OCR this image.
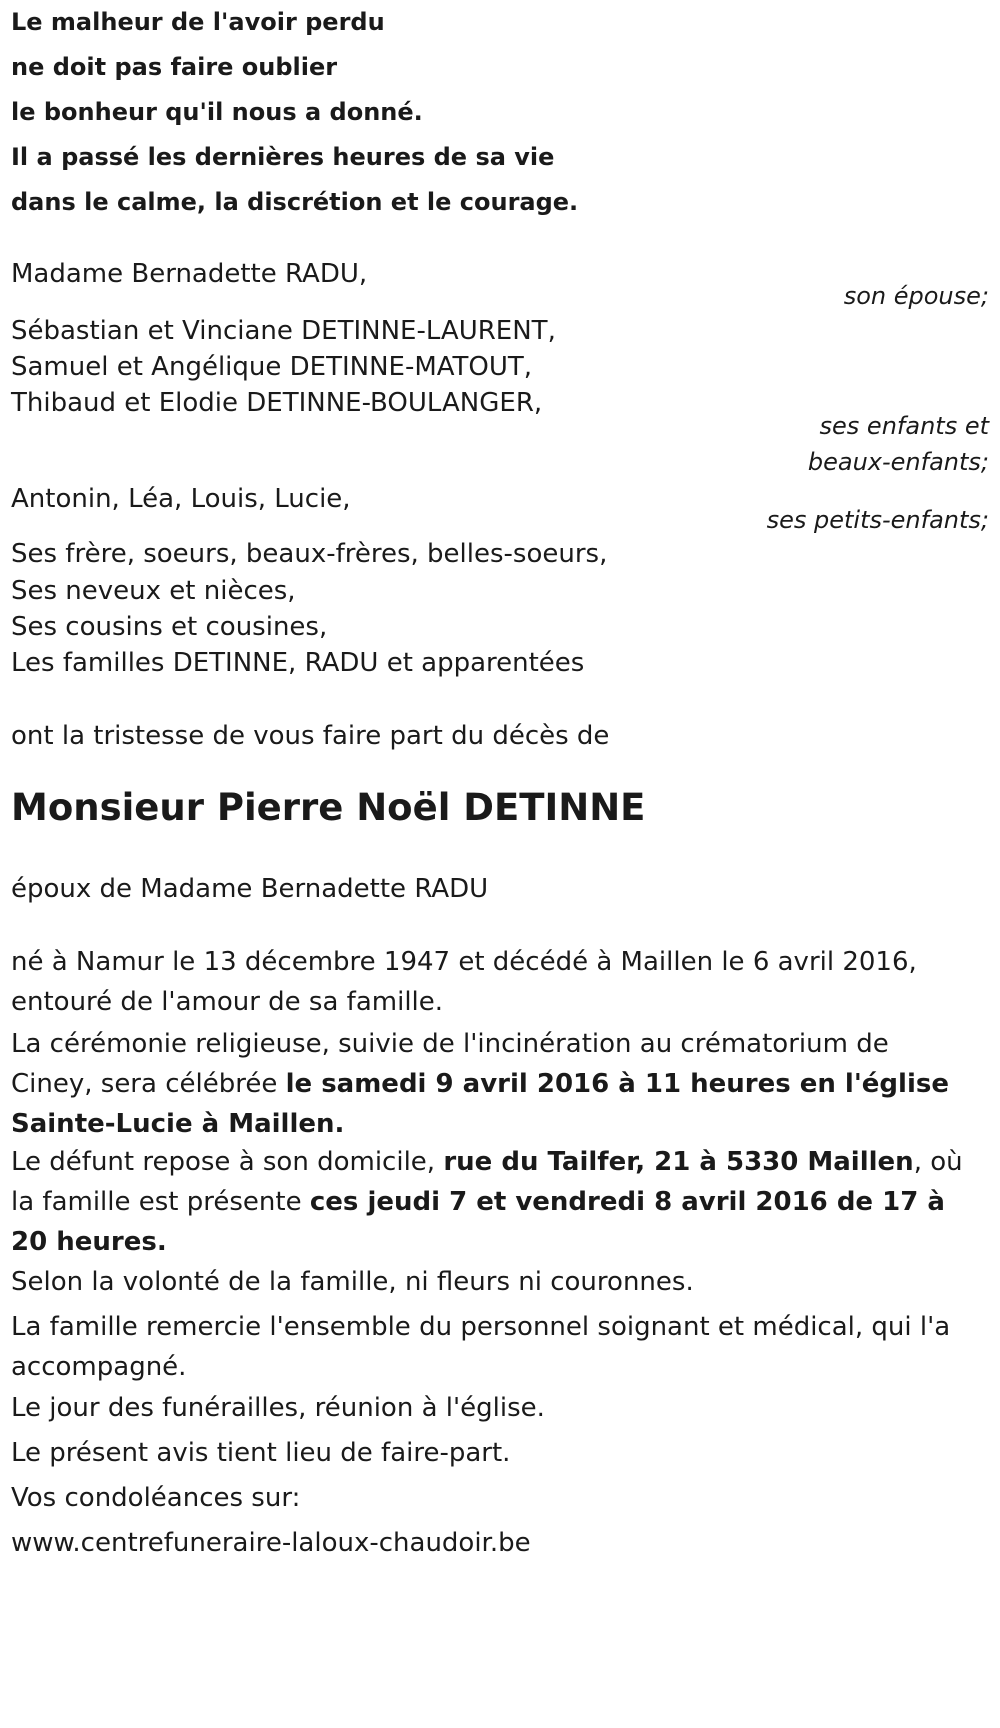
Le malheur de l'avoir perdu
ne doit pas faire oublier
le bonheur qu'il nous a donné.
Il a passé les dernières heures de sa vie
dans le calme, la discrétion et le courage.
Madame Bernadette RADU,
son épouse;
Sébastian et Vinciane DETINNE-LAURENT,
Samuel et Angélique DETINNE-MATOUT,
Thibaud et Elodie DETINNE-BOULANGER,
ses enfants et
beaux-enfants;
Antonin, Léa, Louis, Lucie,
ses petits-enfants;
Ses frère, soeurs, beaux-frères, belles-soeurs,
Ses neveux et nièces,
Ses cousins et cousines,
Les familles DETINNE, RADU et apparentées
ont la tristesse de vous faire part du décès de
Monsieur Pierre Noël DETINNE
époux de Madame Bernadette RADU
né à Namur le 13 décembre 1947 et décédé à Maillen le 6 avril 2016, entouré de l'amour de sa famille.
La cérémonie religieuse, suivie de l'incinération au crématorium de Ciney, sera célébrée le samedi 9 avril 2016 à 11 heures en l'église Sainte-Lucie à Maillen.
Le défunt repose à son domicile, rue du Tailfer, 21 à 5330 Maillen, où la famille est présente ces jeudi 7 et vendredi 8 avril 2016 de 17 à 20 heures.
Selon la volonté de la famille, ni fleurs ni couronnes.
La famille remercie l'ensemble du personnel soignant et médical, qui l'a accompagné.
Le jour des funérailles, réunion à l'église.
Le présent avis tient lieu de faire-part.
Vos condoléances sur:
www.centrefuneraire-laloux-chaudoir.be
